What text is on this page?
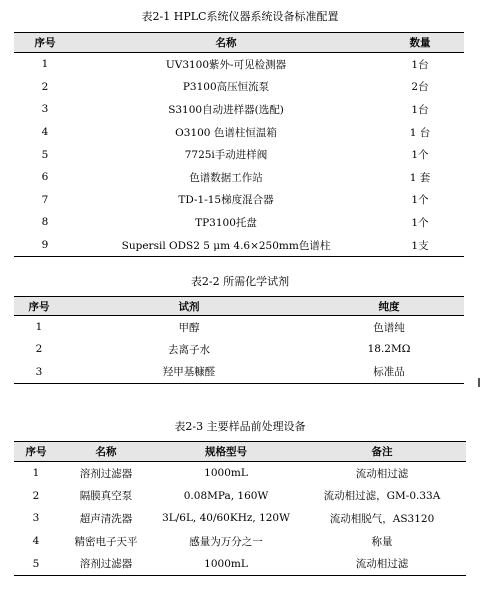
表2-1 HPLC系统仪器系统设备标准配置
序号	名称	数量
1	UV3100紫外-可见检测器	1台
2	P3100高压恒流泵	2台
3	S3100自动进样器(选配)	1台
4	O3100 色谱柱恒温箱	1 台
5	7725i手动进样阀	1个
6	色谱数据工作站	1 套
7	TD-1-15梯度混合器	1个
8	TP3100托盘	1个
9	Supersil ODS2 5 μm 4.6×250mm色谱柱	1支
表2-2 所需化学试剂
序号	试剂	纯度
1	甲醇	色谱纯
2	去离子水	18.2MΩ
3	羟甲基糠醛	标准品
表2-3 主要样品前处理设备
序号	名称	规格型号	备注
1	溶剂过滤器	1000mL	流动相过滤
2	隔膜真空泵	0.08MPa, 160W	流动相过滤，GM-0.33A
3	超声清洗器	3L/6L, 40/60KHz, 120W	流动相脱气，AS3120
4	精密电子天平	感量为万分之一	称量
5	溶剂过滤器	1000mL	流动相过滤
